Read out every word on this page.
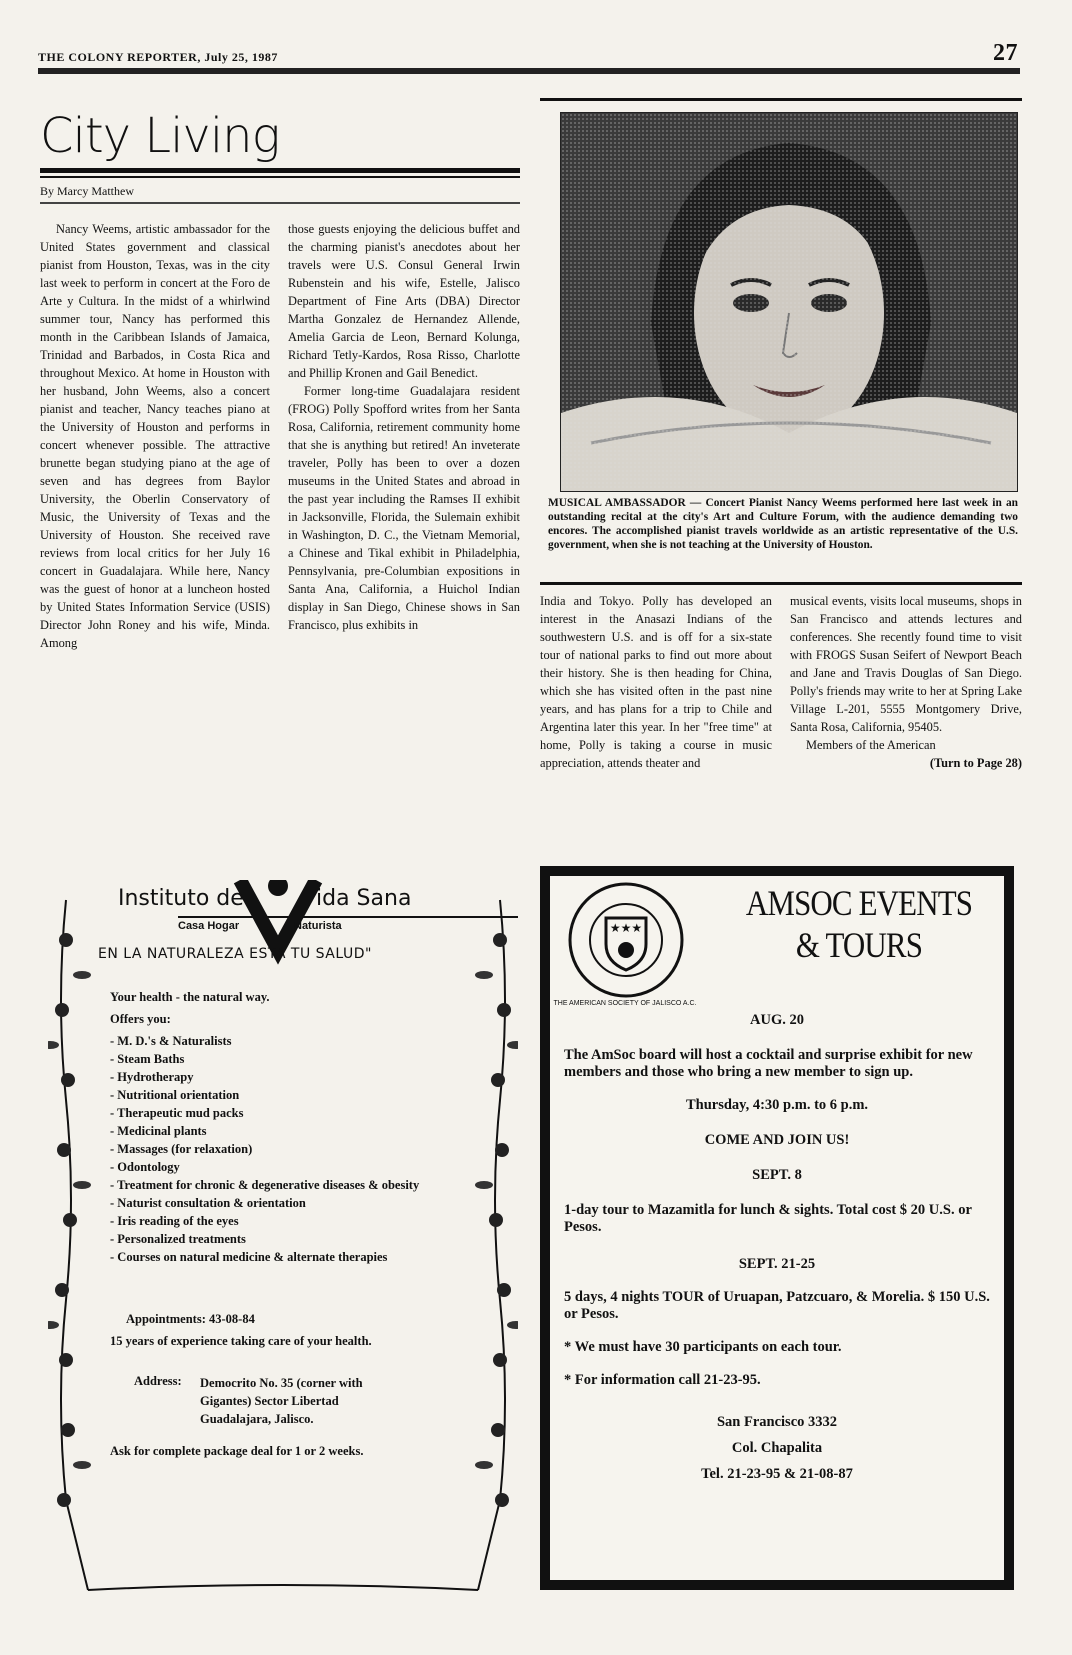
THE COLONY REPORTER, July 25, 1987	27
City Living
By Marcy Matthew

Nancy Weems, artistic ambassador for the United States government and classical pianist from Houston, Texas, was in the city last week to perform in concert at the Foro de Arte y Cultura. In the midst of a whirlwind summer tour, Nancy has performed this month in the Caribbean Islands of Jamaica, Trinidad and Barbados, in Costa Rica and throughout Mexico. At home in Houston with her husband, John Weems, also a concert pianist and teacher, Nancy teaches piano at the University of Houston and performs in concert whenever possible. The attractive brunette began studying piano at the age of seven and has degrees from Baylor University, the Oberlin Conservatory of Music, the University of Texas and the University of Houston. She received rave reviews from local critics for her July 16 concert in Guadalajara. While here, Nancy was the guest of honor at a luncheon hosted by United States Information Service (USIS) Director John Roney and his wife, Minda. Among

those guests enjoying the delicious buffet and the charming pianist's anecdotes about her travels were U.S. Consul General Irwin Rubenstein and his wife, Estelle, Jalisco Department of Fine Arts (DBA) Director Martha Gonzalez de Hernandez Allende, Amelia Garcia de Leon, Bernard Kolunga, Richard Tetly-Kardos, Rosa Risso, Charlotte and Phillip Kronen and Gail Benedict.

Former long-time Guadalajara resident (FROG) Polly Spofford writes from her Santa Rosa, California, retirement community home that she is anything but retired! An inveterate traveler, Polly has been to over a dozen museums in the United States and abroad in the past year including the Ramses II exhibit in Jacksonville, Florida, the Sulemain exhibit in Washington, D. C., the Vietnam Memorial, a Chinese and Tikal exhibit in Philadelphia, Pennsylvania, pre-Columbian expositions in Santa Ana, California, a Huichol Indian display in San Diego, Chinese shows in San Francisco, plus exhibits in

MUSICAL AMBASSADOR — Concert Pianist Nancy Weems performed here last week in an outstanding recital at the city's Art and Culture Forum, with the audience demanding two encores. The accomplished pianist travels worldwide as an artistic representative of the U.S. government, when she is not teaching at the University of Houston.

India and Tokyo. Polly has developed an interest in the Anasazi Indians of the southwestern U.S. and is off for a six-state tour of national parks to find out more about their history. She is then heading for China, which she has visited often in the past nine years, and has plans for a trip to Chile and Argentina later this year. In her "free time" at home, Polly is taking a course in music appreciation, attends theater and

musical events, visits local museums, shops in San Francisco and attends lectures and conferences. She recently found time to visit with FROGS Susan Seifert of Newport Beach and Jane and Travis Douglas of San Diego. Polly's friends may write to her at Spring Lake Village L-201, 5555 Montgomery Drive, Santa Rosa, California, 95405.

Members of the American

(Turn to Page 28)
Instituto de	ida Sana
Casa Hogar	Naturista
EN LA NATURALEZA ESTA TU SALUD"
Your health - the natural way.
Offers you:
- M. D.'s & Naturalists
- Steam Baths
- Hydrotherapy
- Nutritional orientation
- Therapeutic mud packs
- Medicinal plants
- Massages (for relaxation)
- Odontology
- Treatment for chronic & degenerative diseases & obesity
- Naturist consultation & orientation
- Iris reading of the eyes
- Personalized treatments
- Courses on natural medicine & alternate therapies
Appointments: 43-08-84
15 years of experience taking care of your health.
Address: Democrito No. 35 (corner with
Gigantes) Sector Libertad
Guadalajara, Jalisco.
Ask for complete package deal for 1 or 2 weeks.
★★★
THE AMERICAN SOCIETY OF JALISCO A.C.
AMSOC EVENTS
& TOURS
AUG. 20
The AmSoc board will host a cocktail and surprise exhibit for new members and those who bring a new member to sign up.
Thursday, 4:30 p.m. to 6 p.m.
COME AND JOIN US!
SEPT. 8
1-day tour to Mazamitla for lunch & sights. Total cost $ 20 U.S. or Pesos.
SEPT. 21-25
5 days, 4 nights TOUR of Uruapan, Patzcuaro, & Morelia. $ 150 U.S. or Pesos.
* We must have 30 participants on each tour.
* For information call 21-23-95.
San Francisco 3332
Col. Chapalita
Tel. 21-23-95 & 21-08-87
